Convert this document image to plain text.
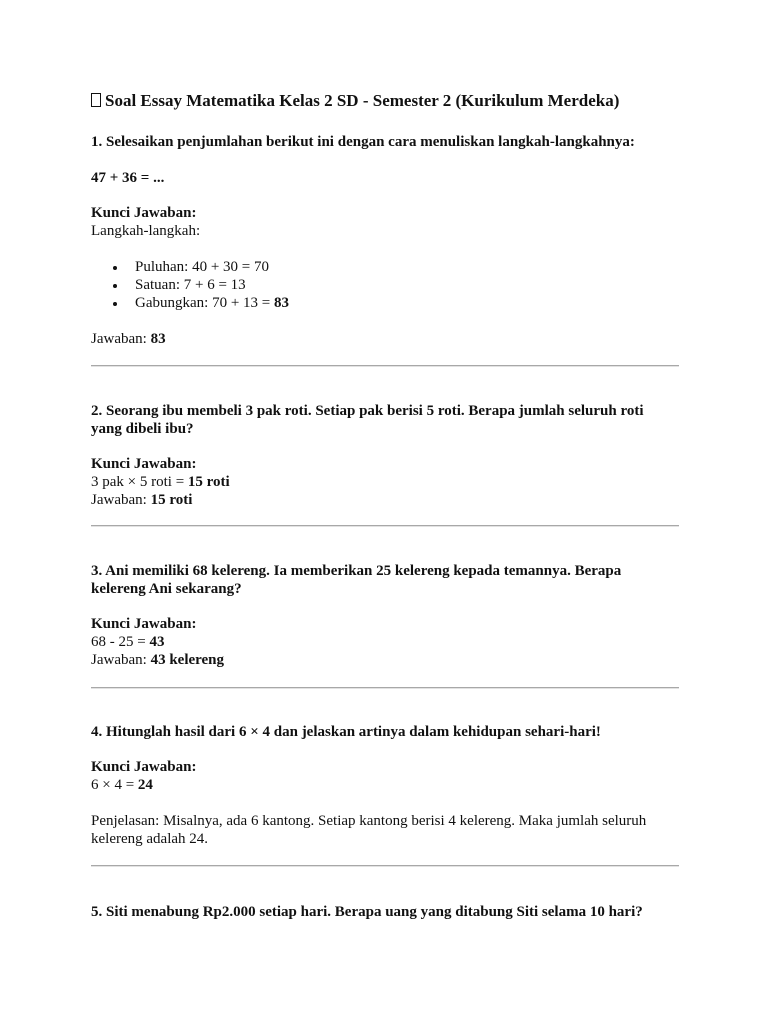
Soal Essay Matematika Kelas 2 SD - Semester 2 (Kurikulum Merdeka)
1. Selesaikan penjumlahan berikut ini dengan cara menuliskan langkah-langkahnya:
47 + 36 = ...
Kunci Jawaban:
Langkah-langkah:
Puluhan: 40 + 30 = 70
Satuan: 7 + 6 = 13
Gabungkan: 70 + 13 = 83
Jawaban: 83
2. Seorang ibu membeli 3 pak roti. Setiap pak berisi 5 roti. Berapa jumlah seluruh roti
yang dibeli ibu?
Kunci Jawaban:
3 pak × 5 roti = 15 roti
Jawaban: 15 roti
3. Ani memiliki 68 kelereng. Ia memberikan 25 kelereng kepada temannya. Berapa
kelereng Ani sekarang?
Kunci Jawaban:
68 - 25 = 43
Jawaban: 43 kelereng
4. Hitunglah hasil dari 6 × 4 dan jelaskan artinya dalam kehidupan sehari-hari!
Kunci Jawaban:
6 × 4 = 24
Penjelasan: Misalnya, ada 6 kantong. Setiap kantong berisi 4 kelereng. Maka jumlah seluruh
kelereng adalah 24.
5. Siti menabung Rp2.000 setiap hari. Berapa uang yang ditabung Siti selama 10 hari?
